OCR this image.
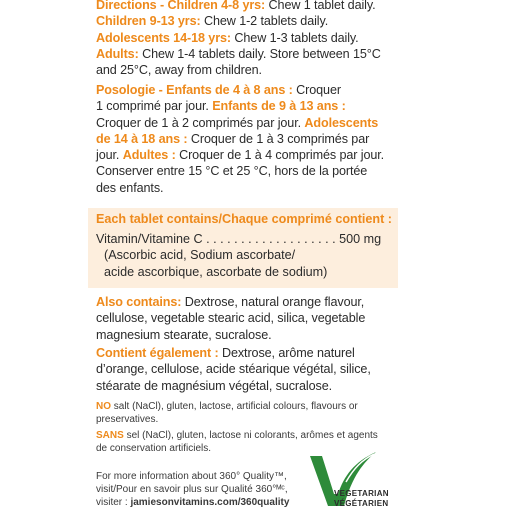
Directions - Children 4-8 yrs: Chew 1 tablet daily.
Children 9-13 yrs: Chew 1-2 tablets daily.
Adolescents 14-18 yrs: Chew 1-3 tablets daily.
Adults: Chew 1-4 tablets daily. Store between 15°C
and 25°C, away from children.
Posologie - Enfants de 4 à 8 ans : Croquer
1 comprimé par jour. Enfants de 9 à 13 ans :
Croquer de 1 à 2 comprimés par jour. Adolescents
de 14 à 18 ans : Croquer de 1 à 3 comprimés par
jour. Adultes : Croquer de 1 à 4 comprimés par jour.
Conserver entre 15 °C et 25 °C, hors de la portée
des enfants.
Each tablet contains/Chaque comprimé contient :
Vitamin/Vitamine C . . . . . . . . . . . . . . . . . . . 500 mg
(Ascorbic acid, Sodium ascorbate/
acide ascorbique, ascorbate de sodium)
Also contains: Dextrose, natural orange flavour,
cellulose, vegetable stearic acid, silica, vegetable
magnesium stearate, sucralose.
Contient également : Dextrose, arôme naturel
d’orange, cellulose, acide stéarique végétal, silice,
stéarate de magnésium végétal, sucralose.
NO salt (NaCl), gluten, lactose, artificial colours, flavours or
preservatives.
SANS sel (NaCl), gluten, lactose ni colorants, arômes et agents
de conservation artificiels.
For more information about 360° Quality™,
visit/Pour en savoir plus sur Qualité 360°ᴹᶜ,
visiter : jamiesonvitamins.com/360quality
VEGETARIAN
VÉGÉTARIEN
